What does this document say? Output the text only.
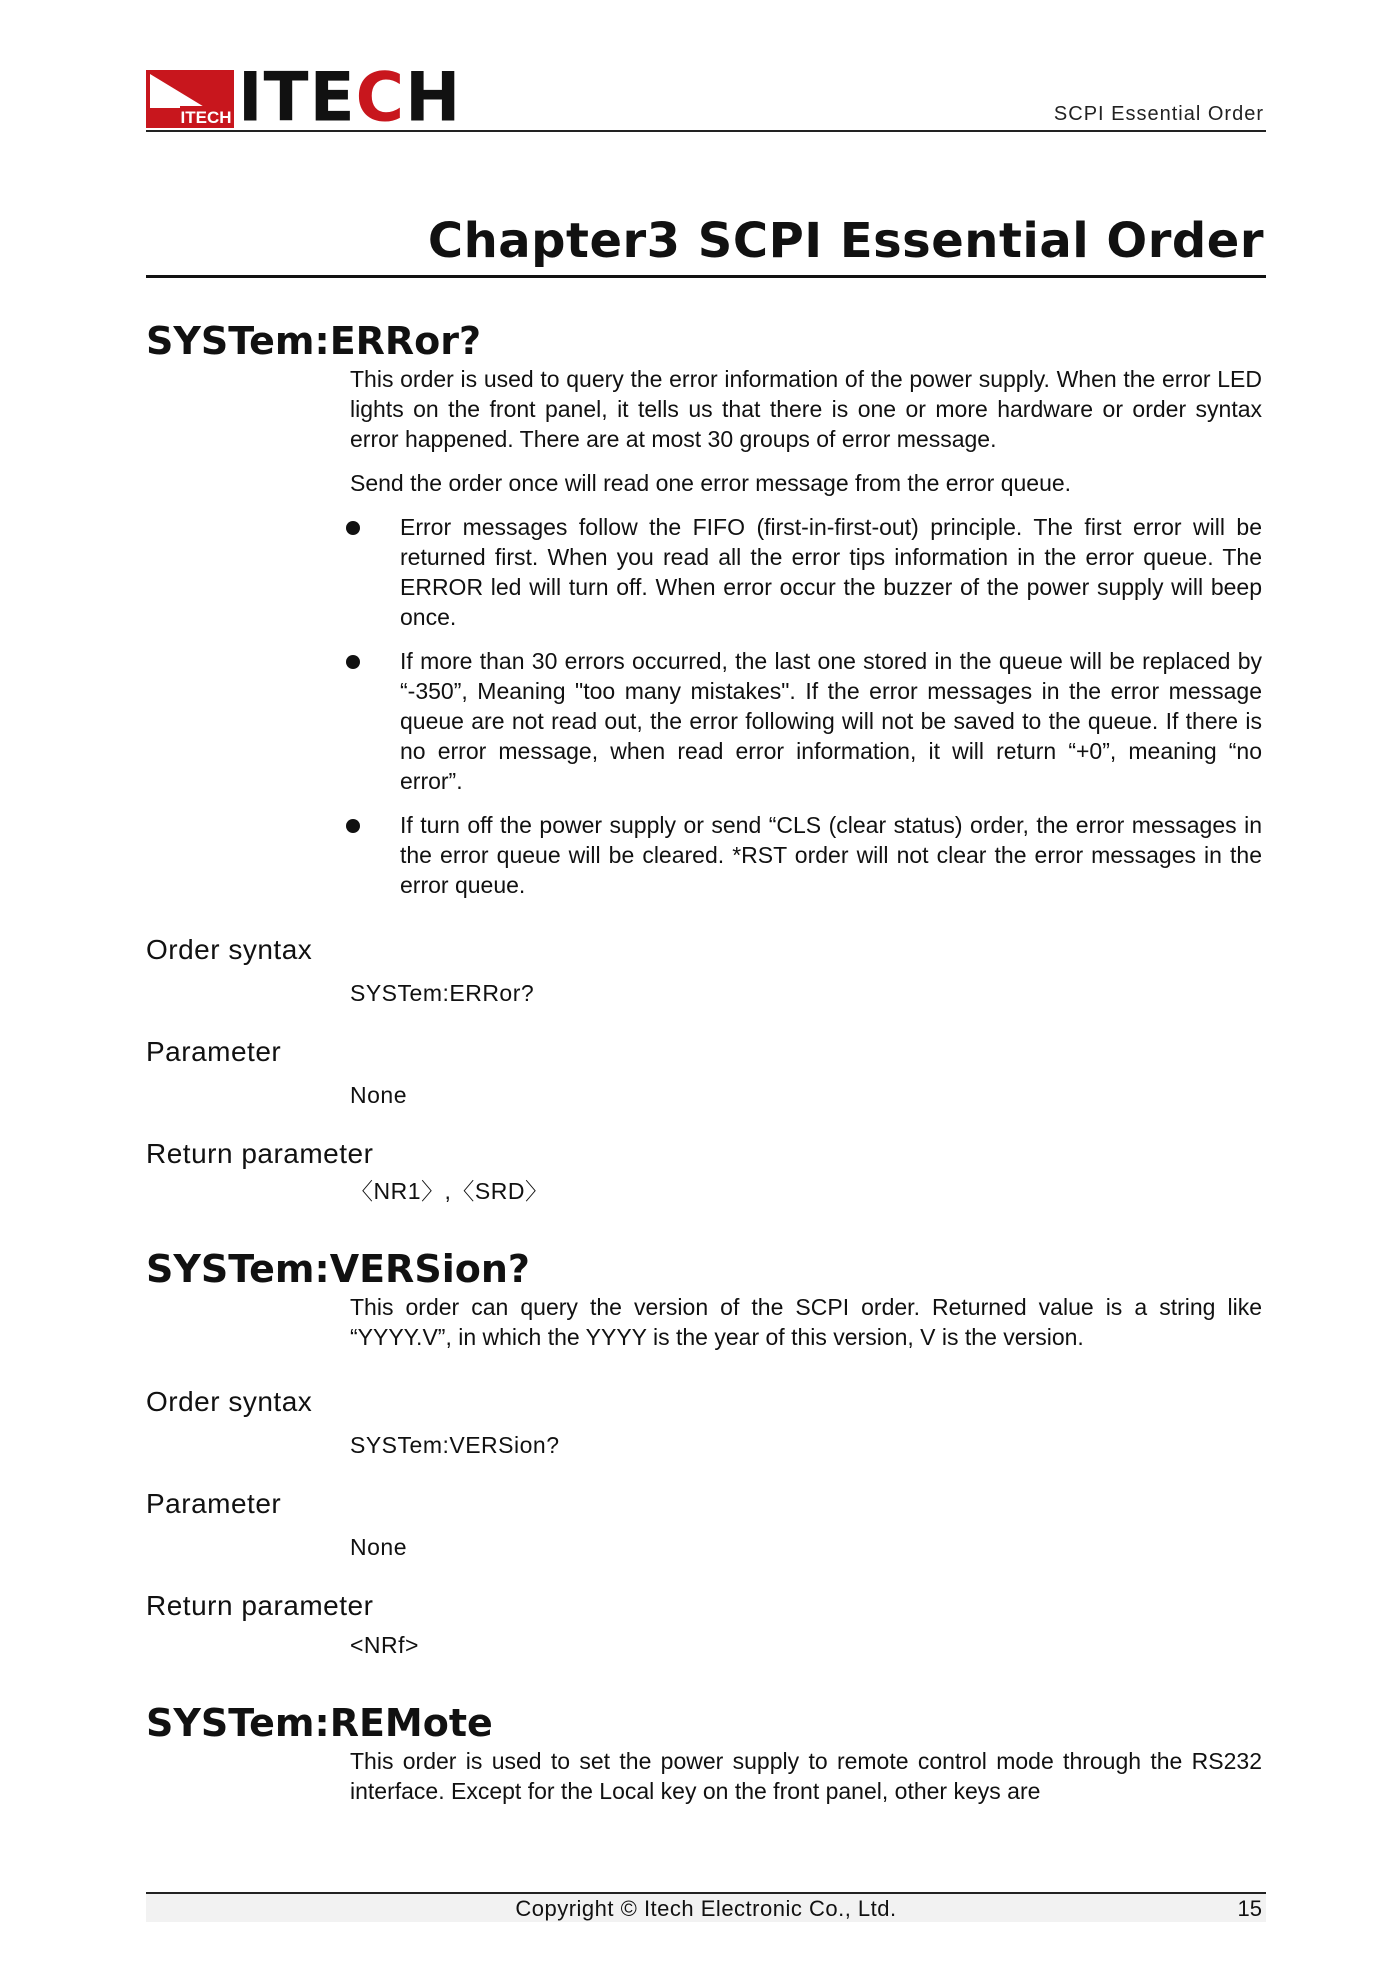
ITECH ITECH	SCPI Essential Order
Chapter3 SCPI Essential Order
SYSTem:ERRor?

This order is used to query the error information of the power supply. When the error LED lights on the front panel, it tells us that there is one or more hardware or order syntax error happened. There are at most 30 groups of error message.

Send the order once will read one error message from the error queue.

Error messages follow the FIFO (first-in-first-out) principle. The first error will be returned first. When you read all the error tips information in the error queue. The ERROR led will turn off. When error occur the buzzer of the power supply will beep once.
If more than 30 errors occurred, the last one stored in the queue will be replaced by “-350”, Meaning "too many mistakes". If the error messages in the error message queue are not read out, the error following will not be saved to the queue. If there is no error message, when read error information, it will return “+0”, meaning “no error”.
If turn off the power supply or send “CLS (clear status) order, the error messages in the error queue will be cleared. *RST order will not clear the error messages in the error queue.

Order syntax

SYSTem:ERRor?

Parameter

None

Return parameter

〈NR1〉,〈SRD〉
SYSTem:VERSion?

This order can query the version of the SCPI order. Returned value is a string like “YYYY.V”, in which the YYYY is the year of this version, V is the version.

Order syntax

SYSTem:VERSion?

Parameter

None

Return parameter

<NRf>
SYSTem:REMote

This order is used to set the power supply to remote control mode through the RS232 interface. Except for the Local key on the front panel, other keys are

Copyright © Itech Electronic Co., Ltd.	15
